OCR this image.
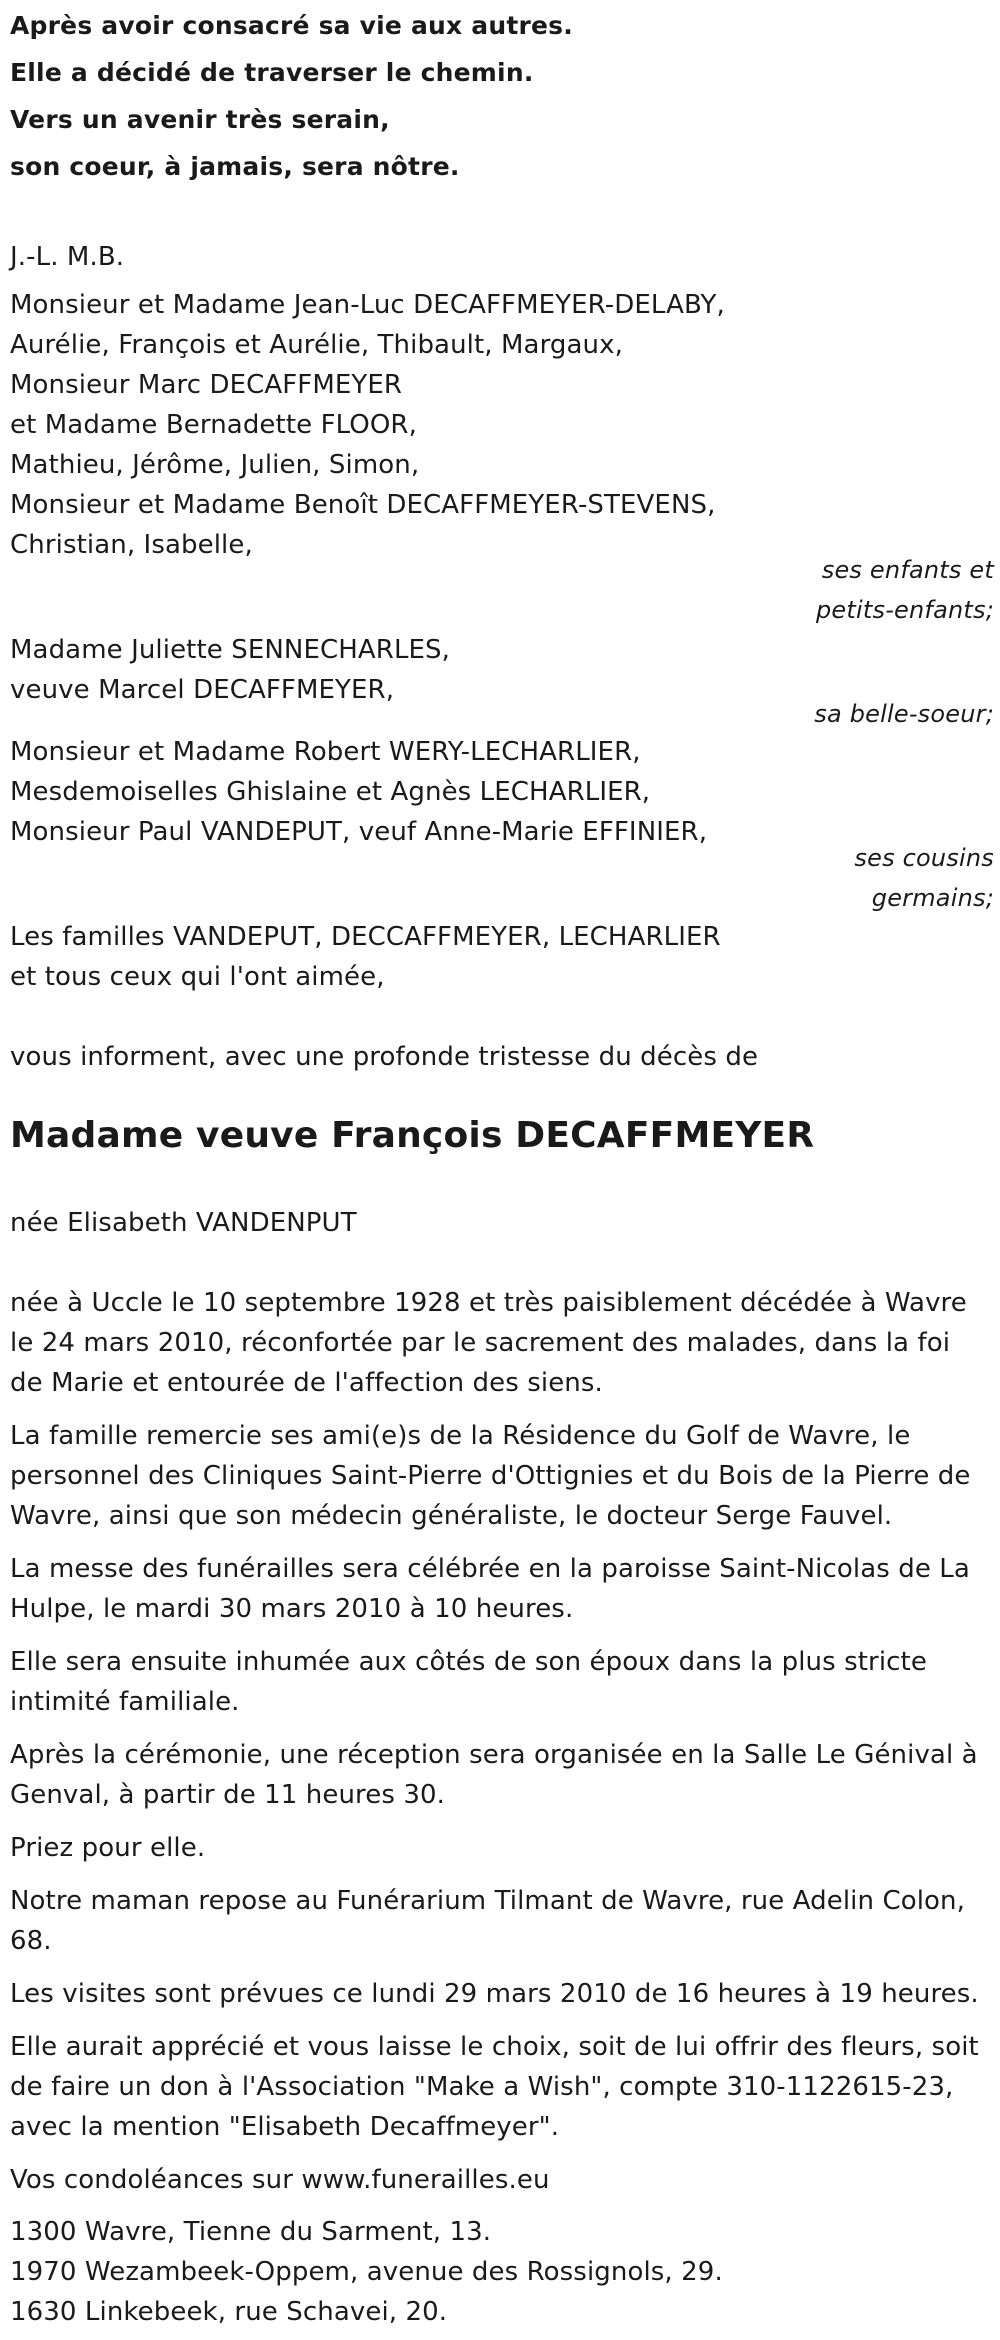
Après avoir consacré sa vie aux autres.
Elle a décidé de traverser le chemin.
Vers un avenir très serain,
son coeur, à jamais, sera nôtre.
J.-L. M.B.
Monsieur et Madame Jean-Luc DECAFFMEYER-DELABY,
Aurélie, François et Aurélie, Thibault, Margaux,
Monsieur Marc DECAFFMEYER
et Madame Bernadette FLOOR,
Mathieu, Jérôme, Julien, Simon,
Monsieur et Madame Benoît DECAFFMEYER-STEVENS,
Christian, Isabelle,
ses enfants et
petits-enfants;
Madame Juliette SENNECHARLES,
veuve Marcel DECAFFMEYER,
sa belle-soeur;
Monsieur et Madame Robert WERY-LECHARLIER,
Mesdemoiselles Ghislaine et Agnès LECHARLIER,
Monsieur Paul VANDEPUT, veuf Anne-Marie EFFINIER,
ses cousins
germains;
Les familles VANDEPUT, DECCAFFMEYER, LECHARLIER
et tous ceux qui l'ont aimée,
vous informent, avec une profonde tristesse du décès de
Madame veuve François DECAFFMEYER
née Elisabeth VANDENPUT

née à Uccle le 10 septembre 1928 et très paisiblement décédée à Wavre le 24 mars 2010, réconfortée par le sacrement des malades, dans la foi de Marie et entourée de l'affection des siens.

La famille remercie ses ami(e)s de la Résidence du Golf de Wavre, le personnel des Cliniques Saint-Pierre d'Ottignies et du Bois de la Pierre de Wavre, ainsi que son médecin généraliste, le docteur Serge Fauvel.

La messe des funérailles sera célébrée en la paroisse Saint-Nicolas de La Hulpe, le mardi 30 mars 2010 à 10 heures.

Elle sera ensuite inhumée aux côtés de son époux dans la plus stricte intimité familiale.

Après la cérémonie, une réception sera organisée en la Salle Le Génival à Genval, à partir de 11 heures 30.

Priez pour elle.

Notre maman repose au Funérarium Tilmant de Wavre, rue Adelin Colon, 68.

Les visites sont prévues ce lundi 29 mars 2010 de 16 heures à 19 heures.

Elle aurait apprécié et vous laisse le choix, soit de lui offrir des fleurs, soit de faire un don à l'Association "Make a Wish", compte 310-1122615-23, avec la mention "Elisabeth Decaffmeyer".

Vos condoléances sur www.funerailles.eu

1300 Wavre, Tienne du Sarment, 13.
1970 Wezambeek-Oppem, avenue des Rossignols, 29.
1630 Linkebeek, rue Schavei, 20.
